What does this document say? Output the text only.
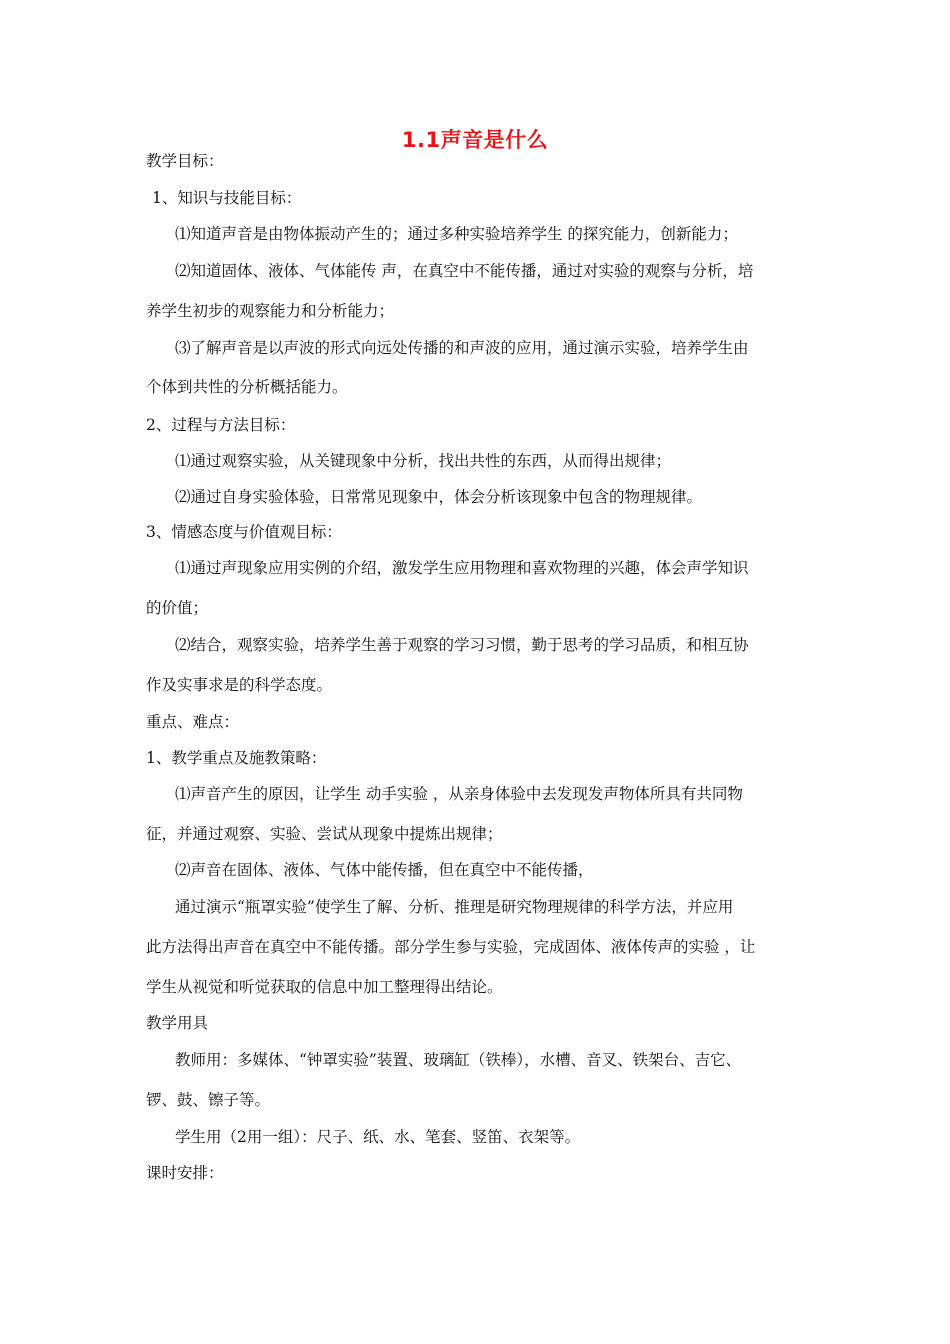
1.1声音是什么
教学目标：
1、知识与技能目标：
⑴知道声音是由物体振动产生的；通过多种实验培养学生 的探究能力，创新能力；
⑵知道固体、液体、气体能传 声，在真空中不能传播，通过对实验的观察与分析，培
养学生初步的观察能力和分析能力；
⑶了解声音是以声波的形式向远处传播的和声波的应用，通过演示实验，培养学生由
个体到共性的分析概括能力。
2、过程与方法目标：
⑴通过观察实验，从关键现象中分析，找出共性的东西，从而得出规律；
⑵通过自身实验体验，日常常见现象中，体会分析该现象中包含的物理规律。
3、情感态度与价值观目标：
⑴通过声现象应用实例的介绍，激发学生应用物理和喜欢物理的兴趣，体会声学知识
的价值；
⑵结合，观察实验，培养学生善于观察的学习习惯，勤于思考的学习品质，和相互协
作及实事求是的科学态度。
重点、难点：
1、教学重点及施教策略：
⑴声音产生的原因，让学生 动手实验 ，从亲身体验中去发现发声物体所具有共同物
征，并通过观察、实验、尝试从现象中提炼出规律；
⑵声音在固体、液体、气体中能传播，但在真空中不能传播，
通过演示“瓶罩实验”使学生了解、分析、推理是研究物理规律的科学方法，并应用
此方法得出声音在真空中不能传播。部分学生参与实验，完成固体、液体传声的实验 ，让
学生从视觉和听觉获取的信息中加工整理得出结论。
教学用具
教师用：多媒体、“钟罩实验”装置、玻璃缸（铁棒），水槽、音叉、铁架台、吉它、
锣、鼓、镲子等。
学生用（2用一组）：尺子、纸、水、笔套、竖笛、衣架等。
课时安排：
